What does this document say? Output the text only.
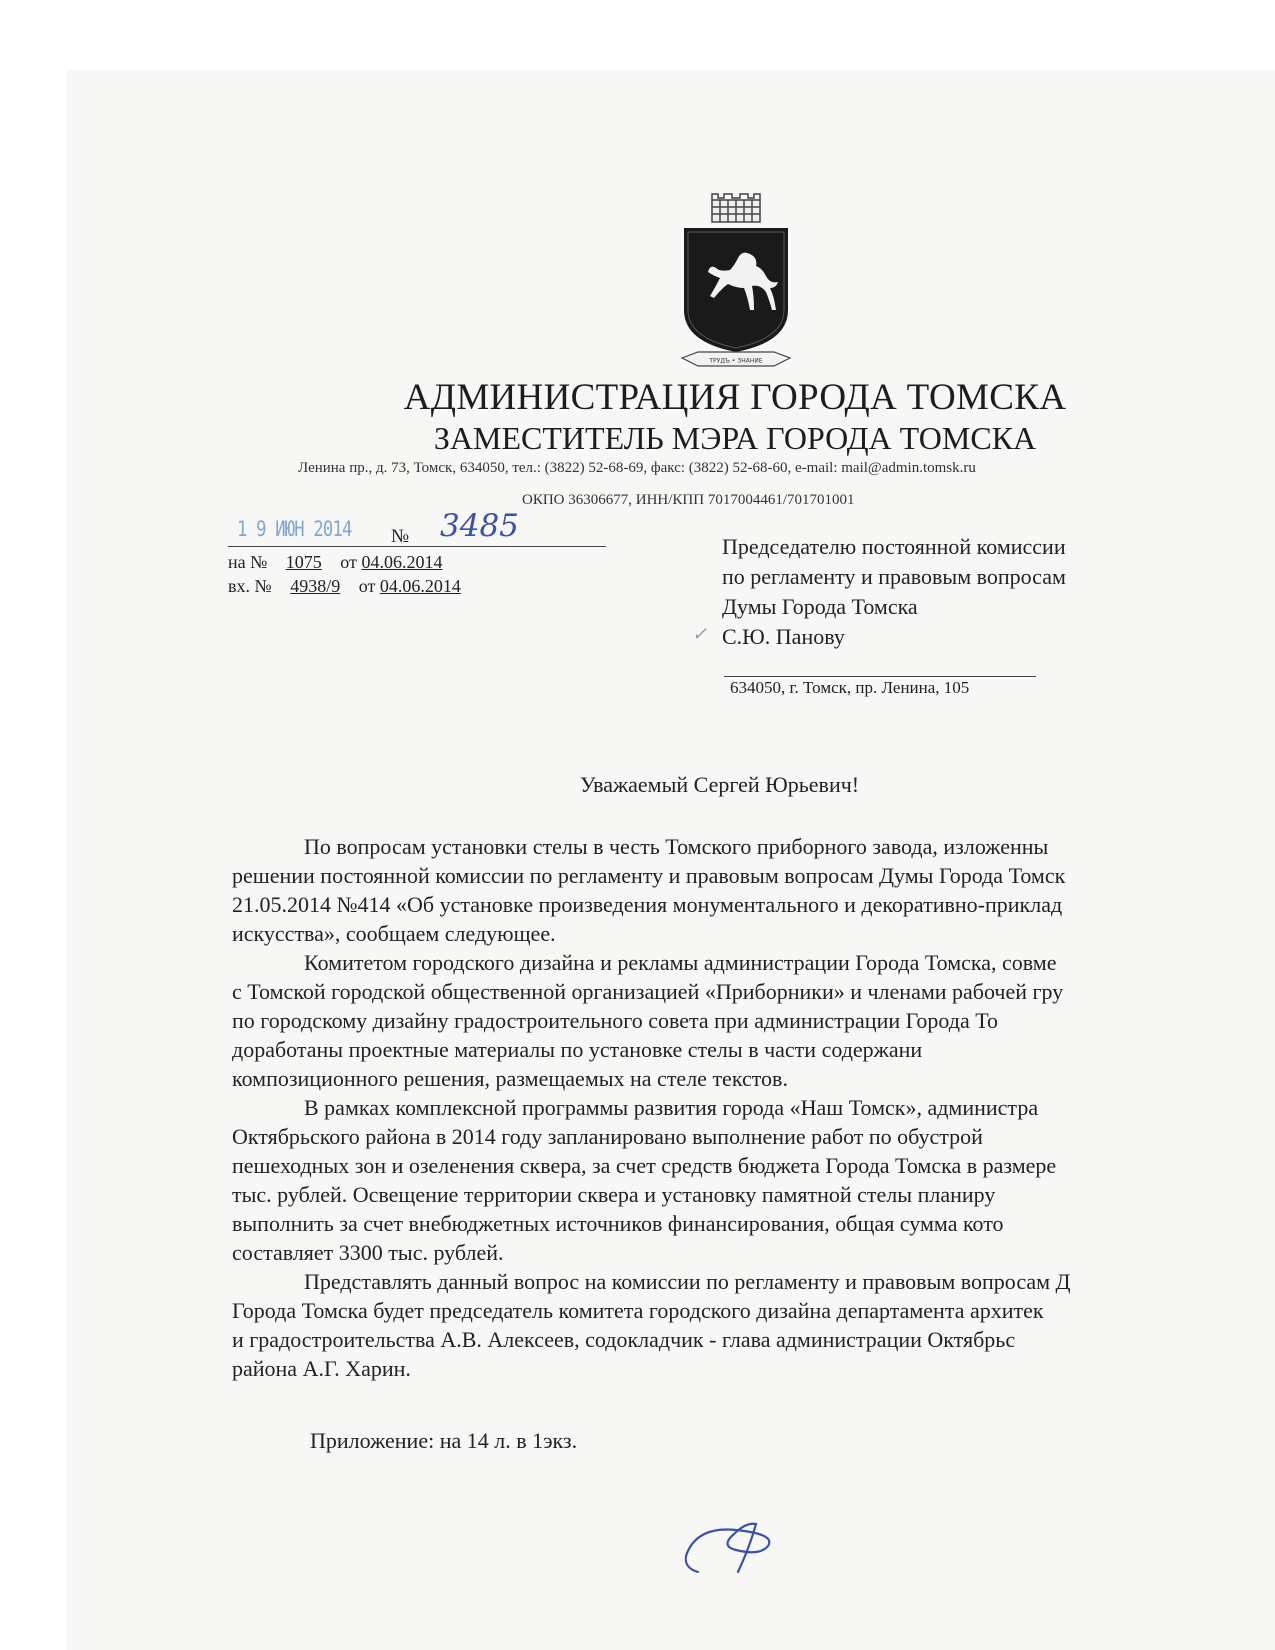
ТРУДЪ • ЗНАНИЕ
АДМИНИСТРАЦИЯ ГОРОДА ТОМСКА
ЗАМЕСТИТЕЛЬ МЭРА ГОРОДА ТОМСКА
Ленина пр., д. 73, Томск, 634050, тел.: (3822) 52-68-69, факс: (3822) 52-68-60, e-mail: mail@admin.tomsk.ru
ОКПО 36306677, ИНН/КПП 7017004461/701701001
1 9 ИЮН 2014 № 3485
на № 1075 от 04.06.2014
вх. № 4938/9 от 04.06.2014
Председателю постоянной комиссии
по регламенту и правовым вопросам
Думы Города Томска
С.Ю. Панову
✓
634050, г. Томск, пр. Ленина, 105
Уважаемый Сергей Юрьевич!
По вопросам установки стелы в честь Томского приборного завода, изложенны
решении постоянной комиссии по регламенту и правовым вопросам Думы Города Томск
21.05.2014 №414 «Об установке произведения монументального и декоративно-приклад
искусства», сообщаем следующее.
Комитетом городского дизайна и рекламы администрации Города Томска, совме
с Томской городской общественной организацией «Приборники» и членами рабочей гру
по городскому дизайну градостроительного совета при администрации Города То
доработаны проектные материалы по установке стелы в части содержани
композиционного решения, размещаемых на стеле текстов.
В рамках комплексной программы развития города «Наш Томск», администра
Октябрьского района в 2014 году запланировано выполнение работ по обустрой
пешеходных зон и озеленения сквера, за счет средств бюджета Города Томска в размере
тыс. рублей. Освещение территории сквера и установку памятной стелы планиру
выполнить за счет внебюджетных источников финансирования, общая сумма кото
составляет 3300 тыс. рублей.
Представлять данный вопрос на комиссии по регламенту и правовым вопросам Д
Города Томска будет председатель комитета городского дизайна департамента архитек
и градостроительства А.В. Алексеев, содокладчик - глава администрации Октябрьс
района А.Г. Харин.
Приложение: на 14 л. в 1экз.
